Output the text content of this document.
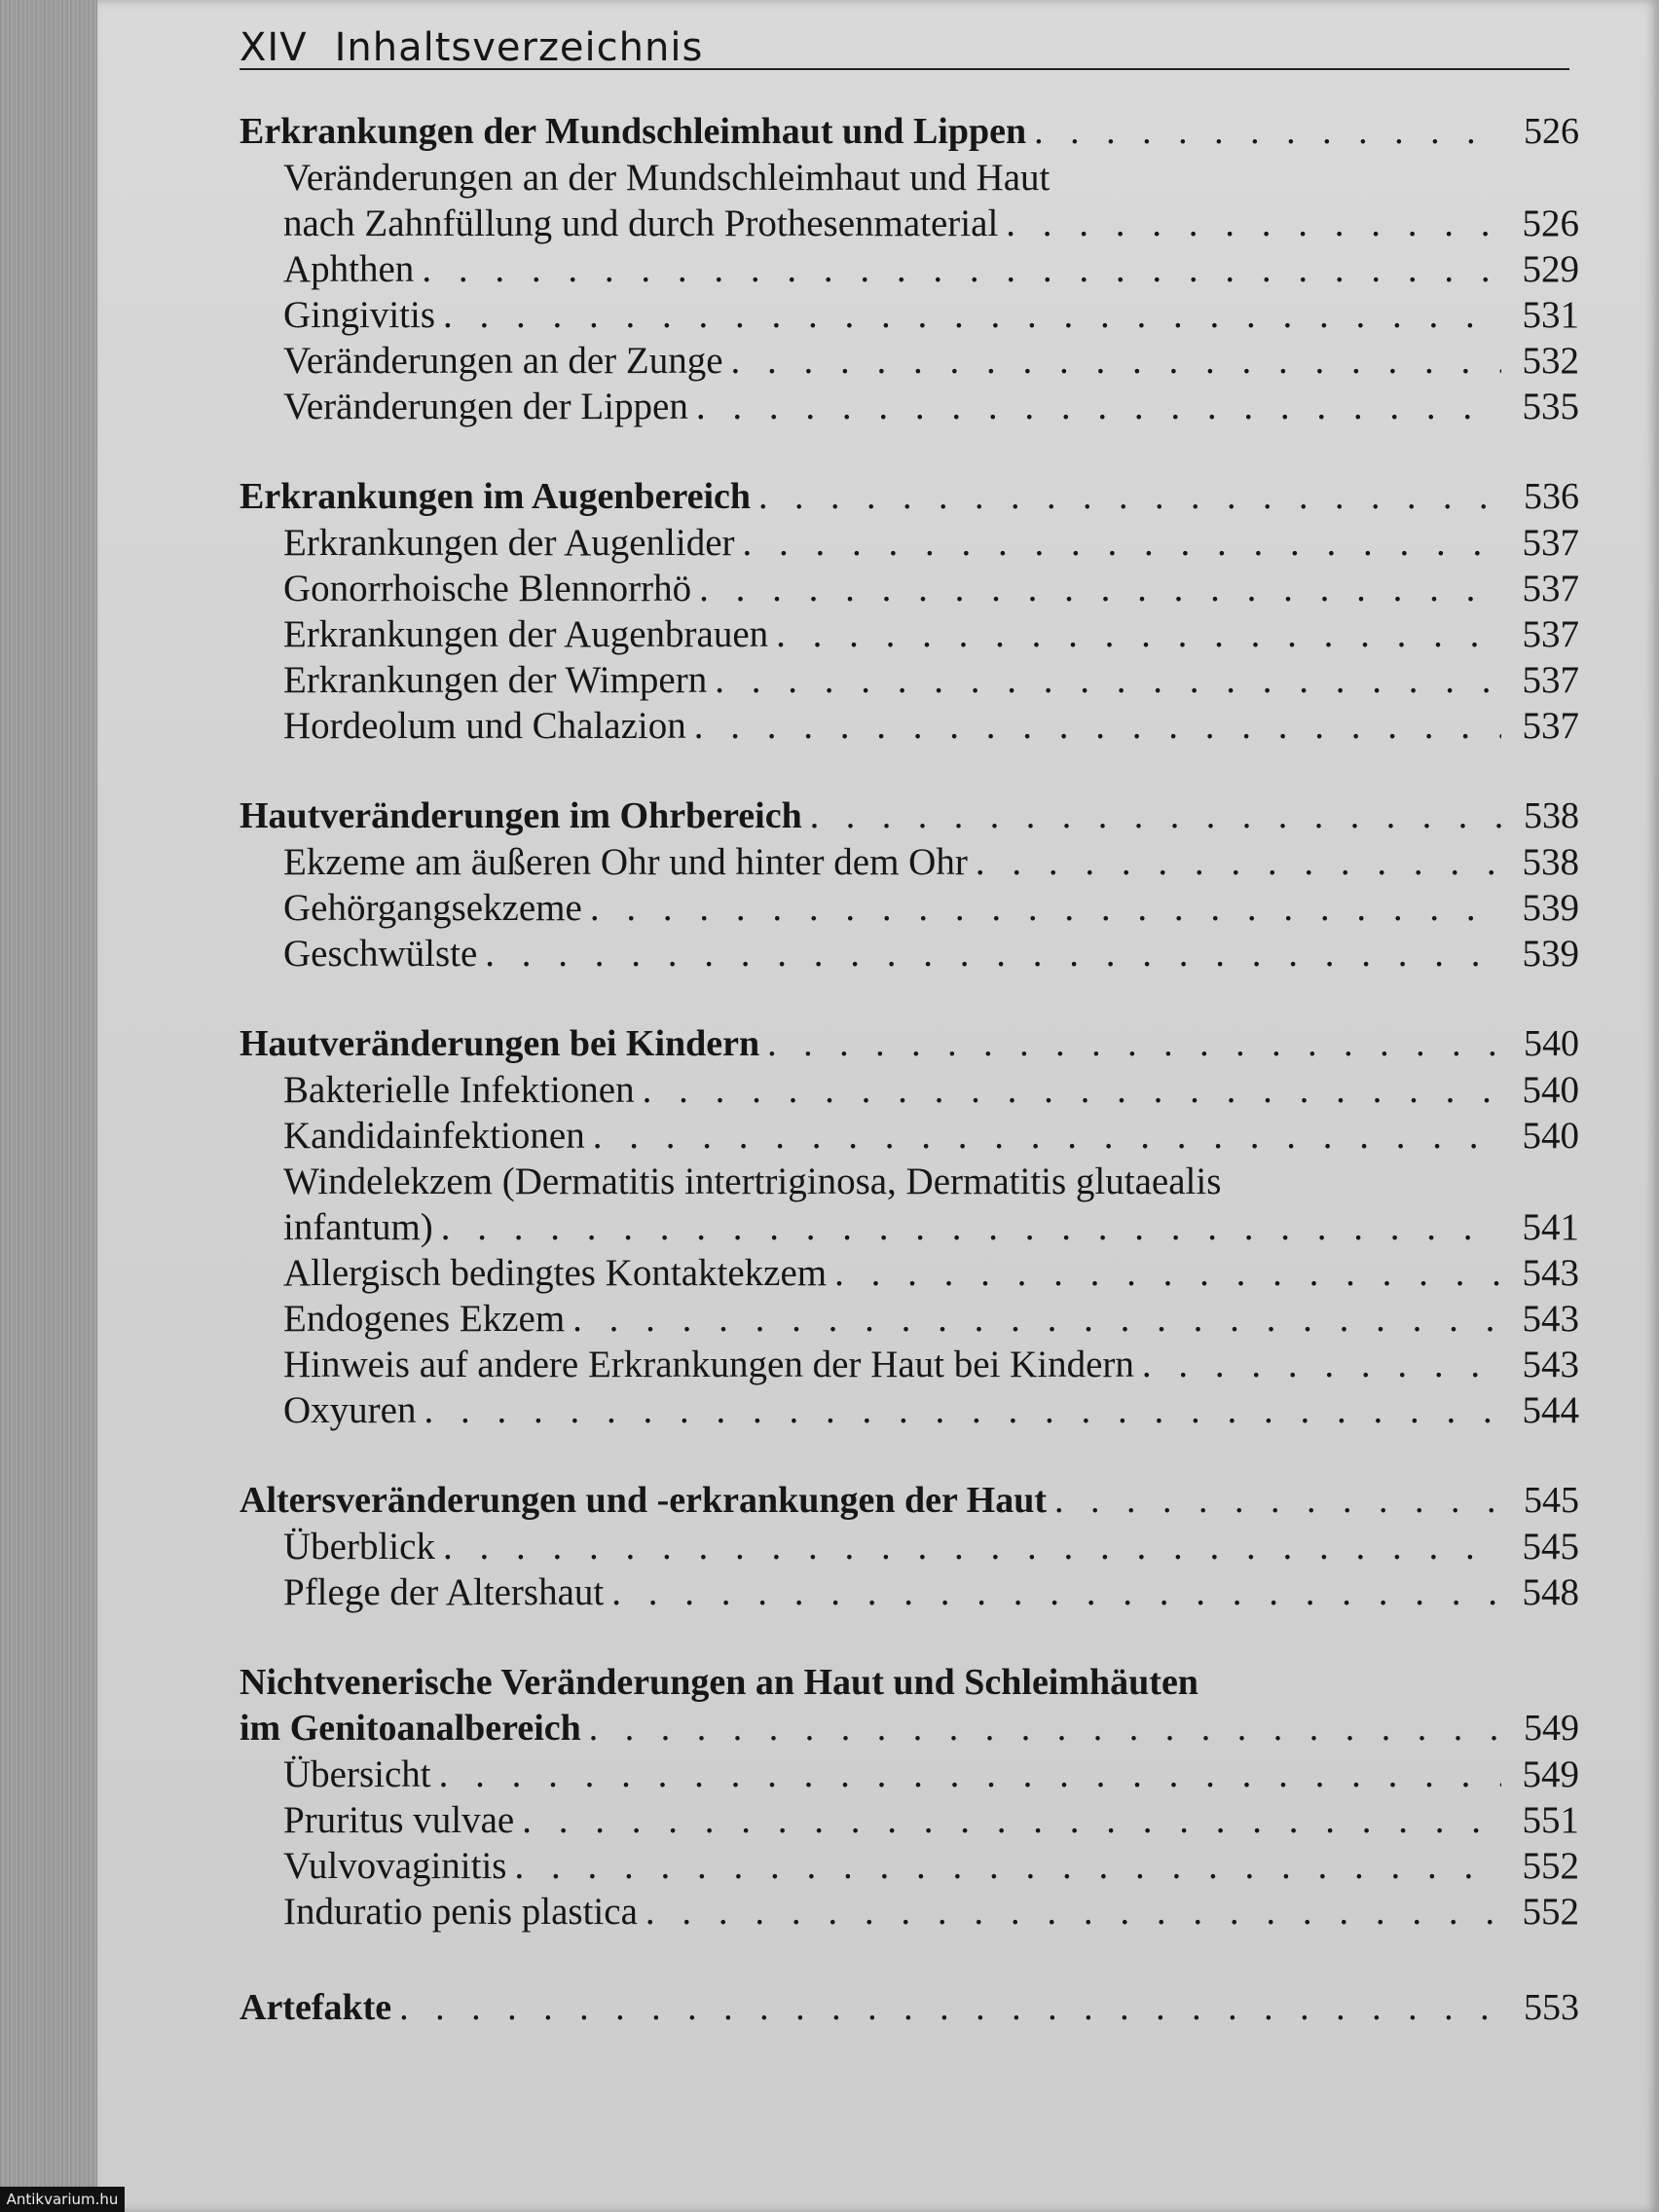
XIV Inhaltsverzeichnis
Erkrankungen der Mundschleimhaut und Lippen . . .	526
Veränderungen an der Mundschleimhaut und Haut
nach Zahnfüllung und durch Prothesenmaterial . . .	526
Aphthen . . .	529
Gingivitis . . .	531
Veränderungen an der Zunge . . .	532
Veränderungen der Lippen . . .	535
Erkrankungen im Augenbereich . . .	536
Erkrankungen der Augenlider . . .	537
Gonorrhoische Blennorrhö . . .	537
Erkrankungen der Augenbrauen . . .	537
Erkrankungen der Wimpern . . .	537
Hordeolum und Chalazion . . .	537
Hautveränderungen im Ohrbereich . . .	538
Ekzeme am äußeren Ohr und hinter dem Ohr . . .	538
Gehörgangsekzeme . . .	539
Geschwülste . . .	539
Hautveränderungen bei Kindern . . .	540
Bakterielle Infektionen . . .	540
Kandidainfektionen . . .	540
Windelekzem (Dermatitis intertriginosa, Dermatitis glutaealis
infantum) . . .	541
Allergisch bedingtes Kontaktekzem . . .	543
Endogenes Ekzem . . .	543
Hinweis auf andere Erkrankungen der Haut bei Kindern . . .	543
Oxyuren . . .	544
Altersveränderungen und -erkrankungen der Haut . . .	545
Überblick . . .	545
Pflege der Altershaut . . .	548
Nichtvenerische Veränderungen an Haut und Schleimhäuten
im Genitoanalbereich . . .	549
Übersicht . . .	549
Pruritus vulvae . . .	551
Vulvovaginitis . . .	552
Induratio penis plastica . . .	552
Artefakte . . .	553
Antikvarium.hu
